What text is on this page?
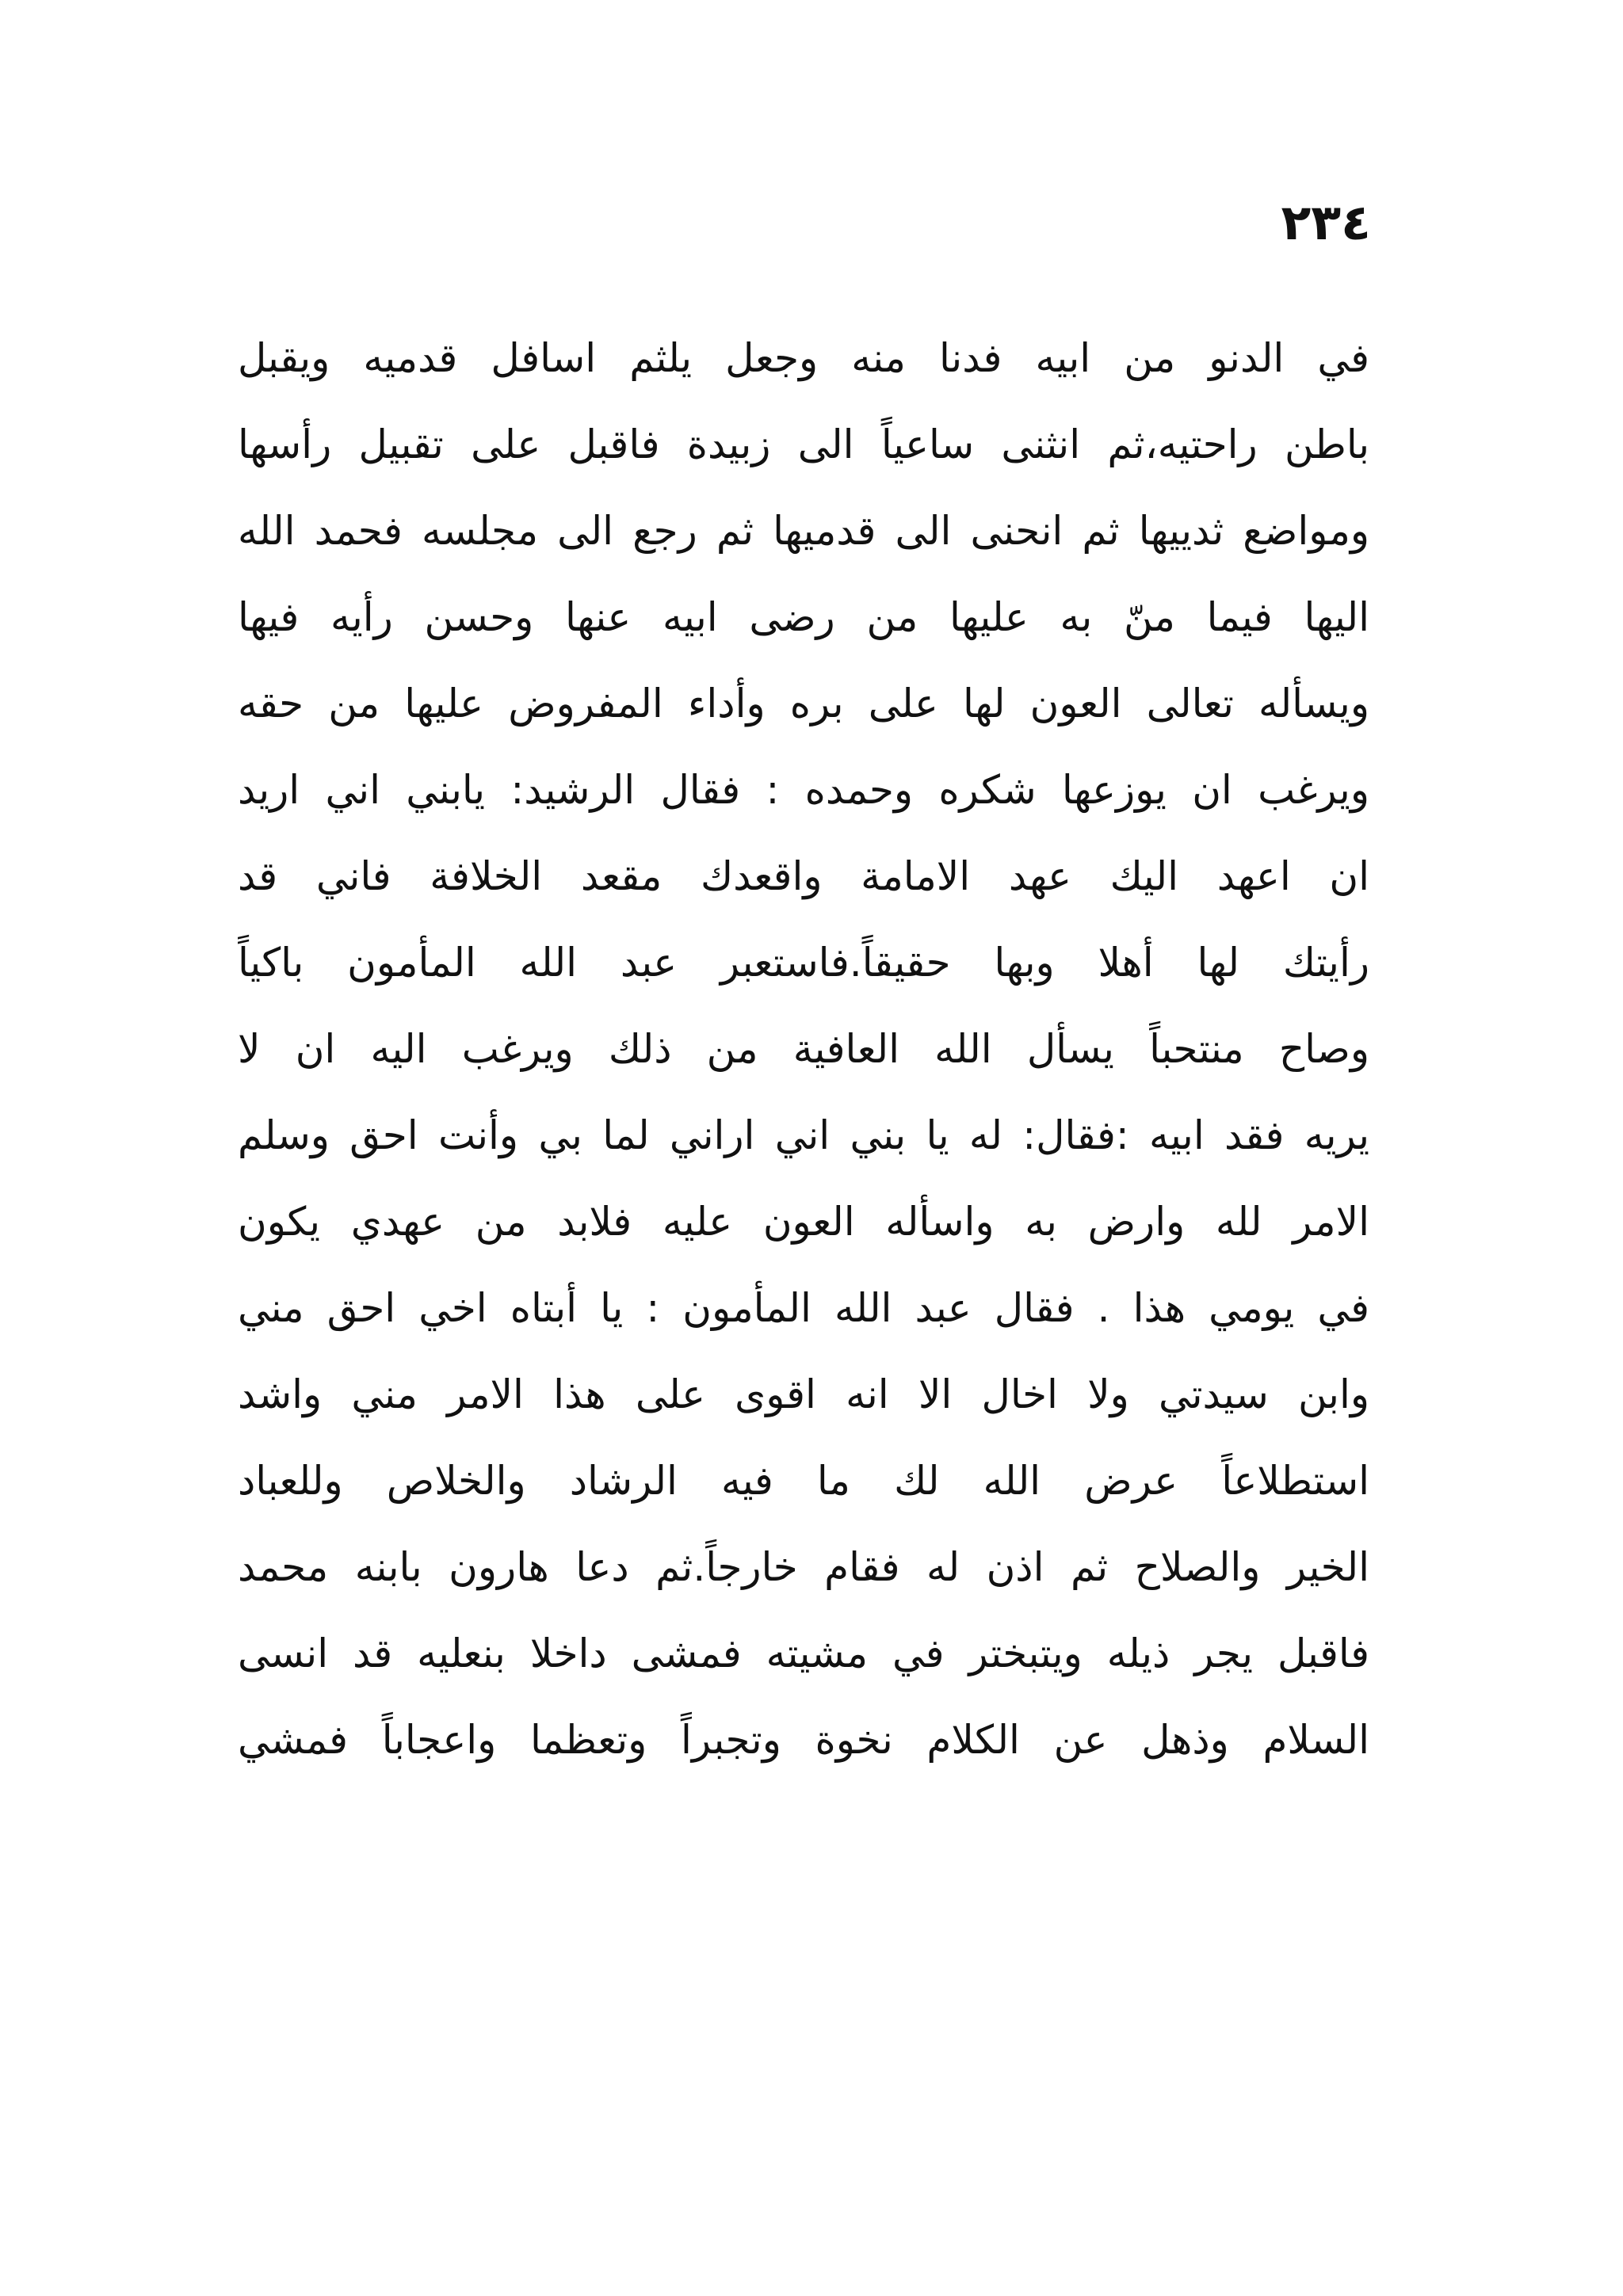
٢٣٤
في الدنو من ابيه فدنا منه وجعل يلثم اسافل قدميه ويقبل
باطن راحتيه،ثم انثنى ساعياً الى زبيدة فاقبل على تقبيل رأسها
ومواضع ثدييها ثم انحنى الى قدميها ثم رجع الى مجلسه فحمد الله
اليها فيما منّ به عليها من رضى ابيه عنها وحسن رأيه فيها
ويسأله تعالى العون لها على بره وأداء المفروض عليها من حقه
ويرغب ان يوزعها شكره وحمده : فقال الرشيد: يابني اني اريد
ان اعهد اليك عهد الامامة واقعدك مقعد الخلافة فاني قد
رأيتك لها أهلا وبها حقيقاً.فاستعبر عبد الله المأمون باكياً
وصاح منتحباً يسأل الله العافية من ذلك ويرغب اليه ان لا
يريه فقد ابيه :فقال: له يا بني اني اراني لما بي وأنت احق وسلم
الامر لله وارض به واسأله العون عليه فلابد من عهدي يكون
في يومي هذا . فقال عبد الله المأمون : يا أبتاه اخي احق مني
وابن سيدتي ولا اخال الا انه اقوى على هذا الامر مني واشد
استطلاعاً عرض الله لك ما فيه الرشاد والخلاص وللعباد
الخير والصلاح ثم اذن له فقام خارجاً.ثم دعا هارون بابنه محمد
فاقبل يجر ذيله ويتبختر في مشيته فمشى داخلا بنعليه قد انسى
السلام وذهل عن الكلام نخوة وتجبراً وتعظما واعجاباً فمشي
